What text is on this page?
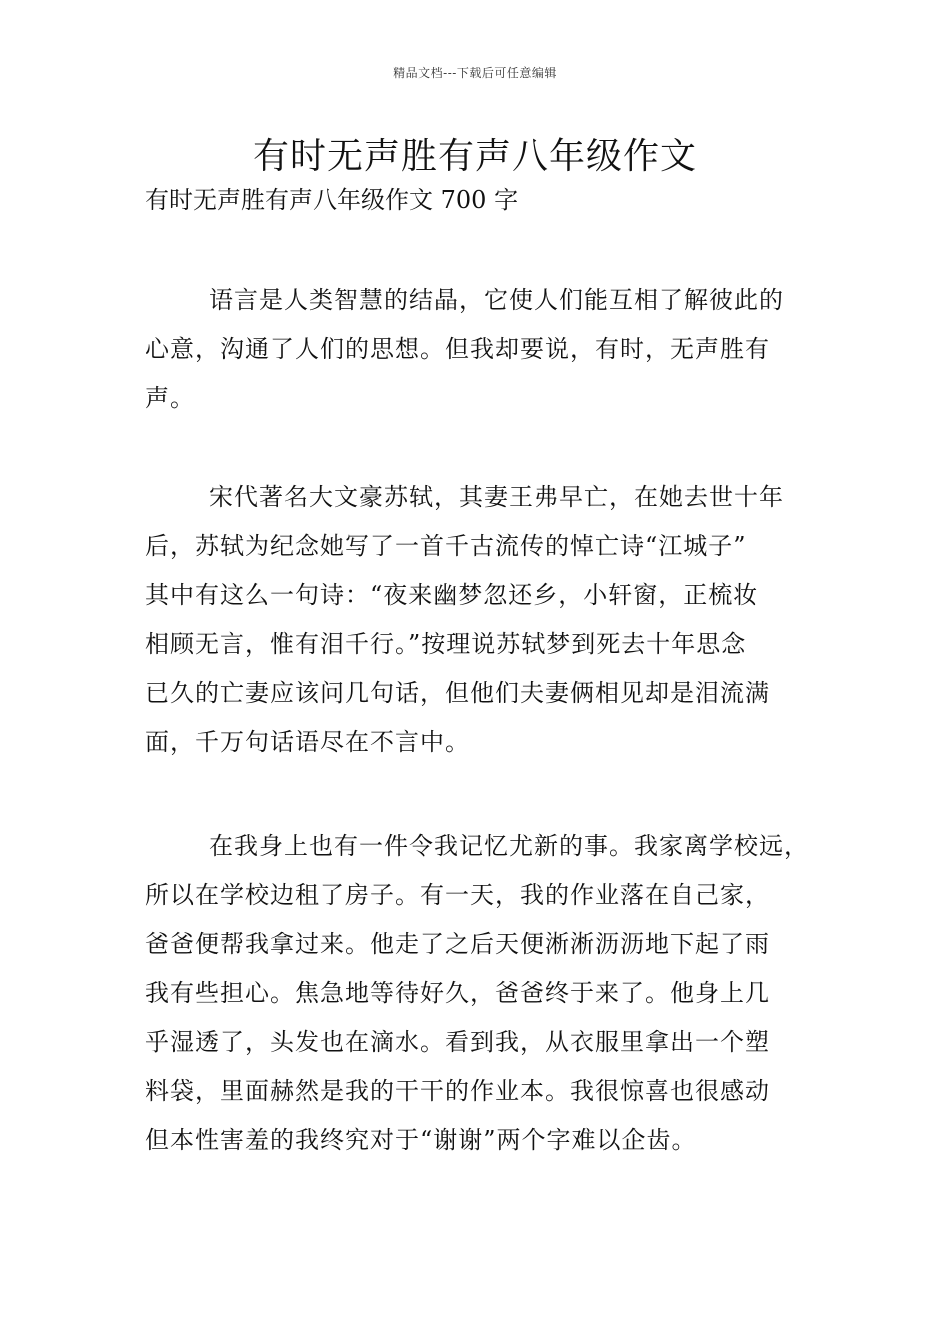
精品文档---下载后可任意编辑
有时无声胜有声八年级作文

有时无声胜有声八年级作文 700 字

语言是人类智慧的结晶，它使人们能互相了解彼此的
心意，沟通了人们的思想。但我却要说，有时，无声胜有
声。

宋代著名大文豪苏轼，其妻王弗早亡，在她去世十年
后，苏轼为纪念她写了一首千古流传的悼亡诗“江城子”
其中有这么一句诗：“夜来幽梦忽还乡，小轩窗，正梳妆
相顾无言，惟有泪千行。”按理说苏轼梦到死去十年思念
已久的亡妻应该问几句话，但他们夫妻俩相见却是泪流满
面，千万句话语尽在不言中。

在我身上也有一件令我记忆尤新的事。我家离学校远，
所以在学校边租了房子。有一天，我的作业落在自己家，
爸爸便帮我拿过来。他走了之后天便淅淅沥沥地下起了雨
我有些担心。焦急地等待好久，爸爸终于来了。他身上几
乎湿透了，头发也在滴水。看到我，从衣服里拿出一个塑
料袋，里面赫然是我的干干的作业本。我很惊喜也很感动
但本性害羞的我终究对于“谢谢”两个字难以企齿。
